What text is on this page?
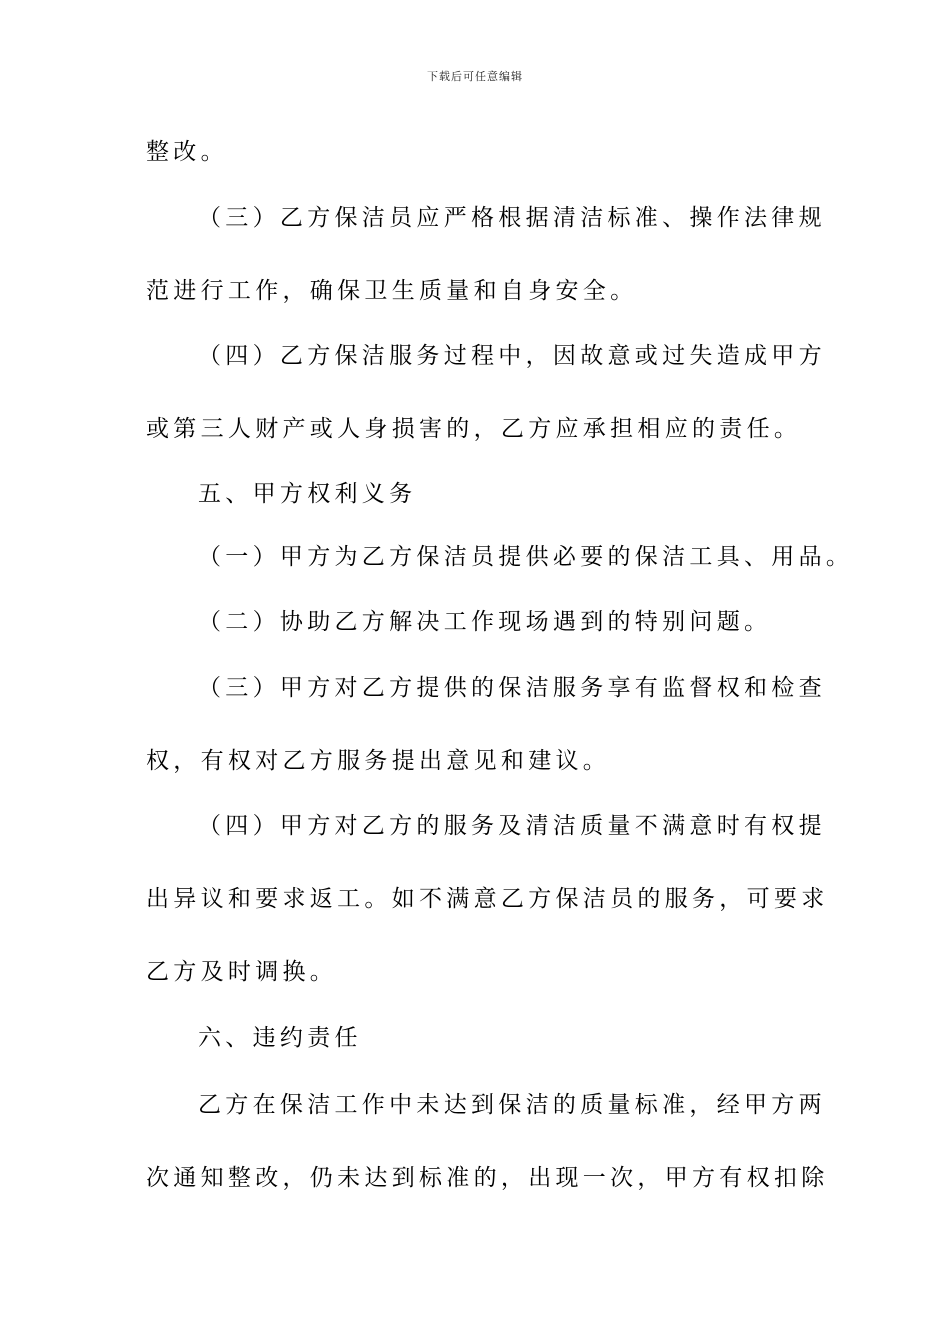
下载后可任意编辑
整改。
（三）乙方保洁员应严格根据清洁标准、操作法律规
范进行工作，确保卫生质量和自身安全。
（四）乙方保洁服务过程中，因故意或过失造成甲方
或第三人财产或人身损害的，乙方应承担相应的责任。
五、甲方权利义务
（一）甲方为乙方保洁员提供必要的保洁工具、用品。
（二）协助乙方解决工作现场遇到的特别问题。
（三）甲方对乙方提供的保洁服务享有监督权和检查
权，有权对乙方服务提出意见和建议。
（四）甲方对乙方的服务及清洁质量不满意时有权提
出异议和要求返工。如不满意乙方保洁员的服务，可要求
乙方及时调换。
六、违约责任
乙方在保洁工作中未达到保洁的质量标准，经甲方两
次通知整改，仍未达到标准的，出现一次，甲方有权扣除
